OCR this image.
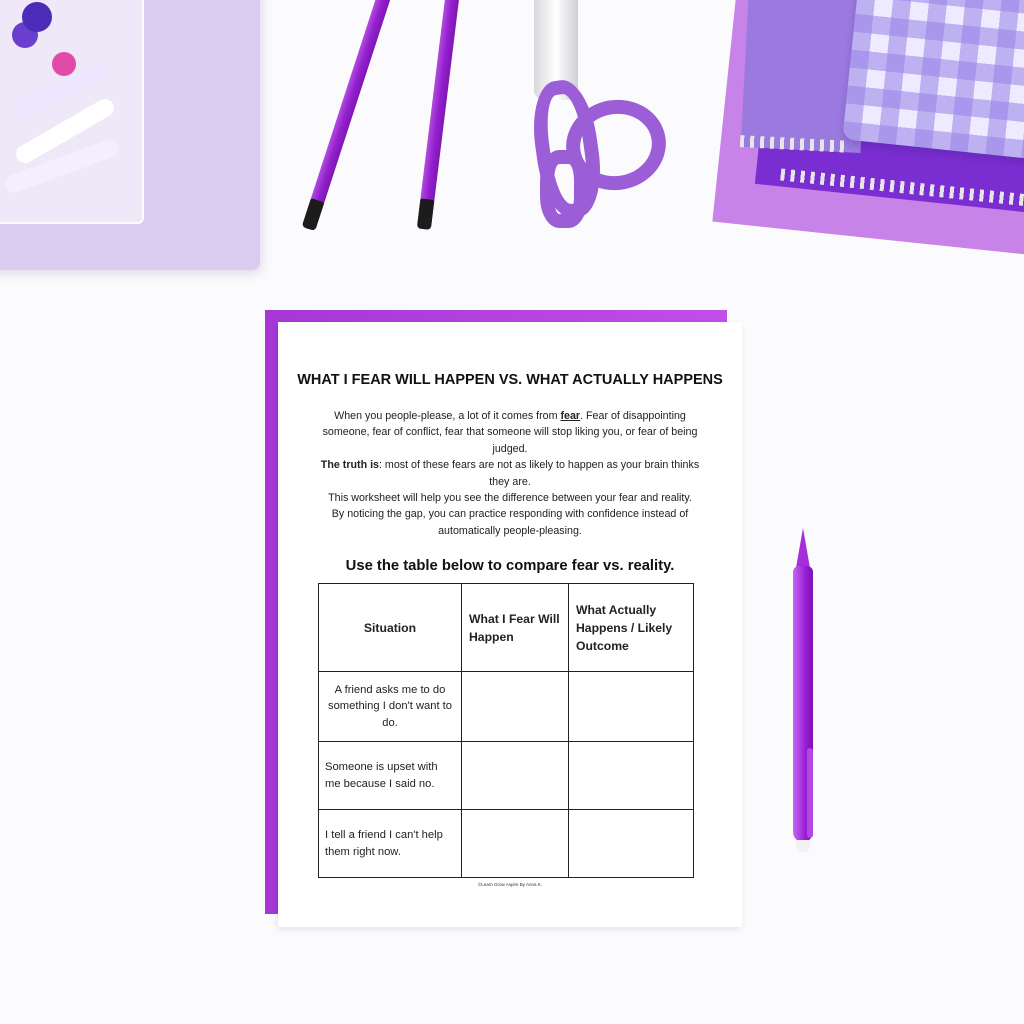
WHAT I FEAR WILL HAPPEN VS. WHAT ACTUALLY HAPPENS

When you people-please, a lot of it comes from fear. Fear of disappointing someone, fear of conflict, fear that someone will stop liking you, or fear of being judged.

The truth is: most of these fears are not as likely to happen as your brain thinks they are.

This worksheet will help you see the difference between your fear and reality.

By noticing the gap, you can practice responding with confidence instead of automatically people-pleasing.

Use the table below to compare fear vs. reality.

Situation	What I Fear Will Happen	What Actually Happens / Likely Outcome
A friend asks me to do something I don't want to do.		
Someone is upset with me because I said no.		
I tell a friend I can't help them right now.		

©Learn Grow Aspire By Anna K.
